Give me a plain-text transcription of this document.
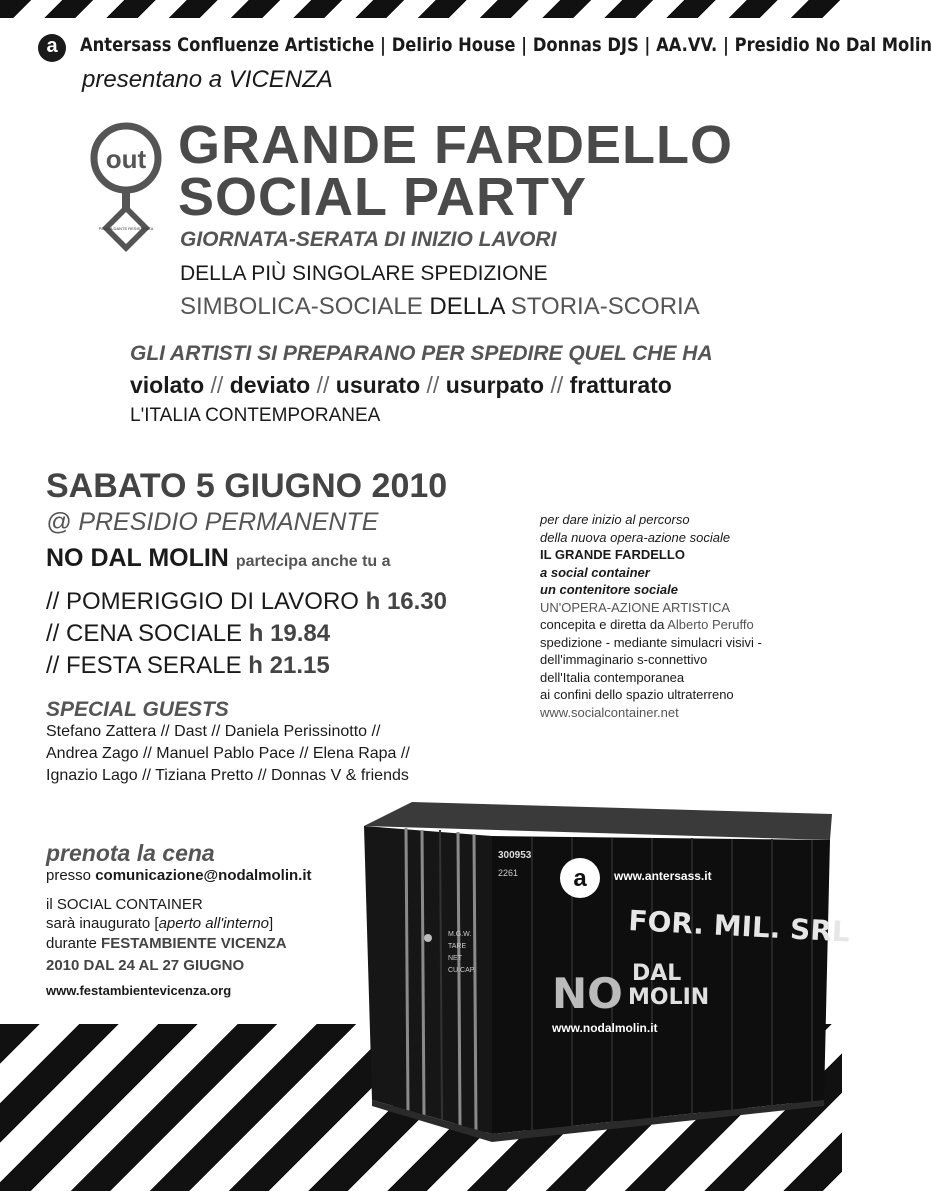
a	Antersass Confluenze Artistiche | Delirio House | Donnas DJS | AA.VV. | Presidio No Dal Molin
presentano a VICENZA
out
PIAZZA DANTE RESISTENZA
GRANDE FARDELLO
SOCIAL PARTY
GIORNATA-SERATA DI INIZIO LAVORI
DELLA PIÙ SINGOLARE SPEDIZIONE
SIMBOLICA-SOCIALE DELLA STORIA-SCORIA
GLI ARTISTI SI PREPARANO PER SPEDIRE QUEL CHE HA
violato // deviato // usurato // usurpato // fratturato
L'ITALIA CONTEMPORANEA
SABATO 5 GIUGNO 2010
@ PRESIDIO PERMANENTE
NO DAL MOLIN partecipa anche tu a
// POMERIGGIO DI LAVORO h 16.30
// CENA SOCIALE h 19.84
// FESTA SERALE h 21.15
SPECIAL GUESTS
Stefano Zattera // Dast // Daniela Perissinotto //
Andrea Zago // Manuel Pablo Pace // Elena Rapa //
Ignazio Lago // Tiziana Pretto // Donnas V & friends
per dare inizio al percorso
della nuova opera-azione sociale
IL GRANDE FARDELLO
a social container
un contenitore sociale
UN'OPERA-AZIONE ARTISTICA
concepita e diretta da Alberto Peruffo
spedizione - mediante simulacri visivi -
dell'immaginario s-connettivo
dell'Italia contemporanea
ai confini dello spazio ultraterreno
www.socialcontainer.net
prenota la cena
presso comunicazione@nodalmolin.it
il SOCIAL CONTAINER
sarà inaugurato [aperto all'interno]
durante FESTAMBIENTE VICENZA
2010 DAL 24 AL 27 GIUGNO
www.festambientevicenza.org
300953
2261
M.G.W.
TARE
NET
CU.CAP.
a www.antersass.it
FOR. MIL. SRL
NO DAL
MOLIN
www.nodalmolin.it
